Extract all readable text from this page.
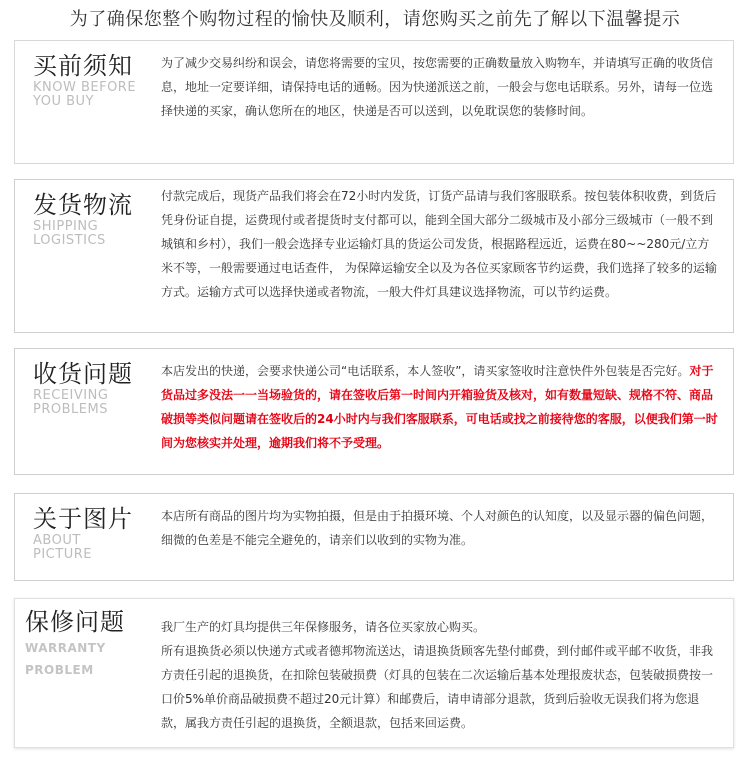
为了确保您整个购物过程的愉快及顺利，请您购买之前先了解以下温馨提示
买前须知
KNOW BEFORE
YOU BUY

为了减少交易纠纷和误会，请您将需要的宝贝，按您需要的正确数量放入购物车，并请填写正确的收货信息，地址一定要详细，请保持电话的通畅。因为快递派送之前，一般会与您电话联系。另外，请每一位选择快递的买家，确认您所在的地区，快递是否可以送到，以免耽误您的装修时间。

发货物流
SHIPPING
LOGISTICS

付款完成后，现货产品我们将会在72小时内发货，订货产品请与我们客服联系。按包装体积收费，到货后凭身份证自提，运费现付或者提货时支付都可以，能到全国大部分二级城市及小部分三级城市（一般不到城镇和乡村），我们一般会选择专业运输灯具的货运公司发货，根据路程远近，运费在80~~280元/立方米不等，一般需要通过电话查件， 为保障运输安全以及为各位买家顾客节约运费，我们选择了较多的运输方式。运输方式可以选择快递或者物流，一般大件灯具建议选择物流，可以节约运费。

收货问题
RECEIVING
PROBLEMS

本店发出的快递，会要求快递公司“电话联系，本人签收”，请买家签收时注意快件外包装是否完好。对于货品过多没法一一当场验货的，请在签收后第一时间内开箱验货及核对，如有数量短缺、规格不符、商品破损等类似问题请在签收后的24小时内与我们客服联系，可电话或找之前接待您的客服，以便我们第一时间为您核实并处理，逾期我们将不予受理。

关于图片
ABOUT
PICTURE

本店所有商品的图片均为实物拍摄，但是由于拍摄环境、个人对颜色的认知度，以及显示器的偏色问题，细微的色差是不能完全避免的，请亲们以收到的实物为准。

保修问题
WARRANTY
PROBLEM

我厂生产的灯具均提供三年保修服务，请各位买家放心购买。

所有退换货必须以快递方式或者德邦物流送达，请退换货顾客先垫付邮费，到付邮件或平邮不收货，非我方责任引起的退换货，在扣除包装破损费（灯具的包装在二次运输后基本处理报废状态，包装破损费按一口价5%单价商品破损费不超过20元计算）和邮费后，请申请部分退款，货到后验收无误我们将为您退款，属我方责任引起的退换货，全额退款，包括来回运费。
